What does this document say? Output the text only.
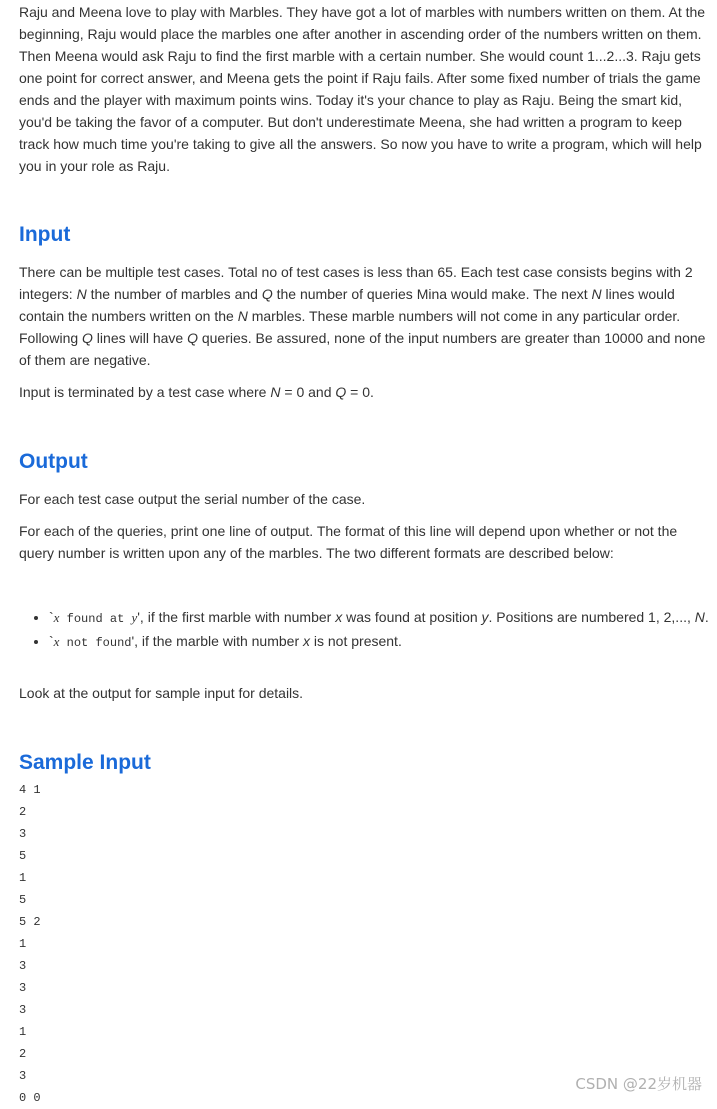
Raju and Meena love to play with Marbles. They have got a lot of marbles with numbers written on them. At the beginning, Raju would place the marbles one after another in ascending order of the numbers written on them. Then Meena would ask Raju to find the first marble with a certain number. She would count 1...2...3. Raju gets one point for correct answer, and Meena gets the point if Raju fails. After some fixed number of trials the game ends and the player with maximum points wins. Today it's your chance to play as Raju. Being the smart kid, you'd be taking the favor of a computer. But don't underestimate Meena, she had written a program to keep track how much time you're taking to give all the answers. So now you have to write a program, which will help you in your role as Raju.

Input

There can be multiple test cases. Total no of test cases is less than 65. Each test case consists begins with 2 integers: N the number of marbles and Q the number of queries Mina would make. The next N lines would contain the numbers written on the N marbles. These marble numbers will not come in any particular order. Following Q lines will have Q queries. Be assured, none of the input numbers are greater than 10000 and none of them are negative.

Input is terminated by a test case where N = 0 and Q = 0.

Output

For each test case output the serial number of the case.

For each of the queries, print one line of output. The format of this line will depend upon whether or not the query number is written upon any of the marbles. The two different formats are described below:

• `x found at y', if the first marble with number x was found at position y. Positions are numbered 1, 2,..., N.
• `x not found', if the marble with number x is not present.

Look at the output for sample input for details.

Sample Input
4 1
2
3
5
1
5
5 2
1
3
3
3
1
2
3
0 0
CSDN @22岁机器
